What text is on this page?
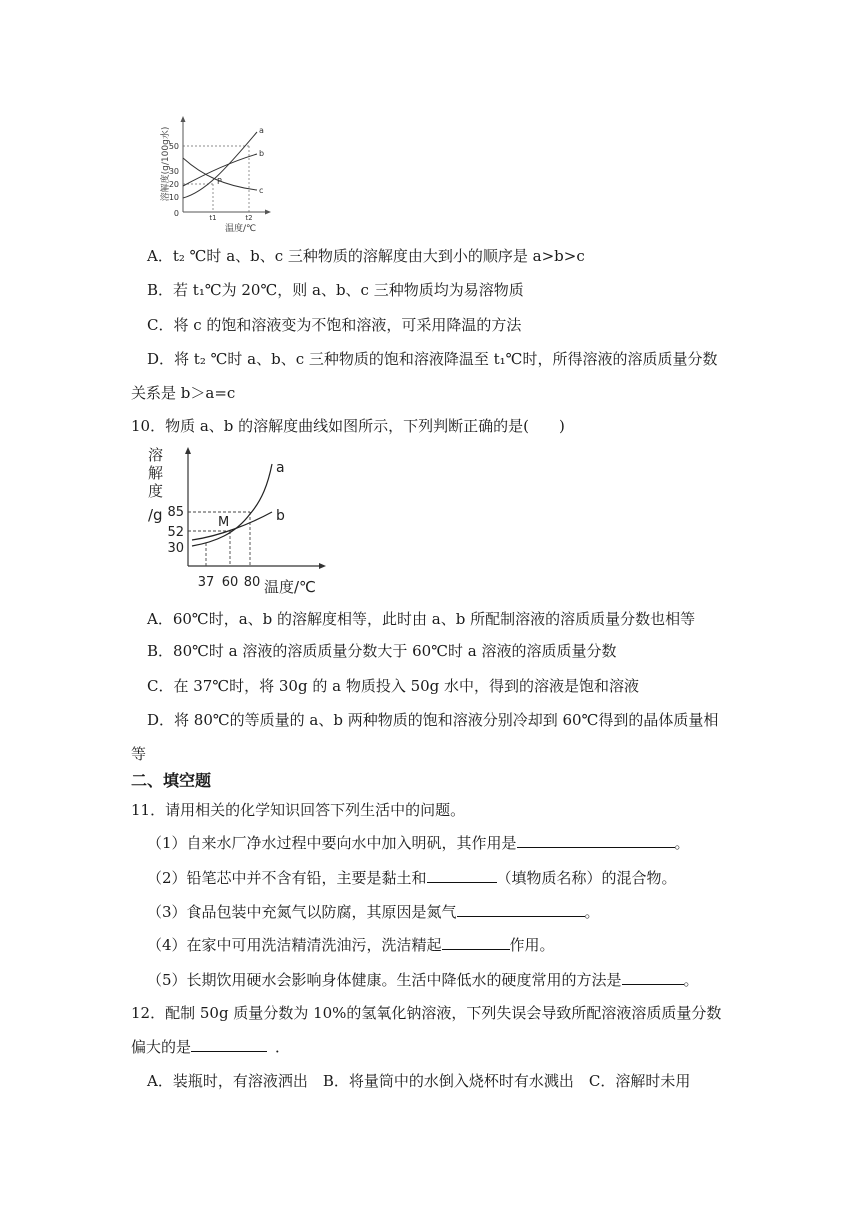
溶解度(g/100g水)
50
30
20
10
0
a
b
c
P
t1	t2
温度/℃
A．t₂ ℃时 a、b、c 三种物质的溶解度由大到小的顺序是 a>b>c
B．若 t₁℃为 20℃，则 a、b、c 三种物质均为易溶物质
C．将 c 的饱和溶液变为不饱和溶液，可采用降温的方法
D．将 t₂ ℃时 a、b、c 三种物质的饱和溶液降温至 t₁℃时，所得溶液的溶质质量分数
关系是 b＞a=c
10．物质 a、b 的溶解度曲线如图所示，下列判断正确的是(　　)
溶
解
度
/g 85
52
30
a
b
M
37 60 80 温度/℃
A．60℃时，a、b 的溶解度相等，此时由 a、b 所配制溶液的溶质质量分数也相等
B．80℃时 a 溶液的溶质质量分数大于 60℃时 a 溶液的溶质质量分数
C．在 37℃时，将 30g 的 a 物质投入 50g 水中，得到的溶液是饱和溶液
D．将 80℃的等质量的 a、b 两种物质的饱和溶液分别冷却到 60℃得到的晶体质量相
等
二、填空题
11．请用相关的化学知识回答下列生活中的问题。
（1）自来水厂净水过程中要向水中加入明矾，其作用是	。
（2）铅笔芯中并不含有铅，主要是黏土和	（填物质名称）的混合物。
（3）食品包装中充氮气以防腐，其原因是氮气	。
（4）在家中可用洗洁精清洗油污，洗洁精起	作用。
（5）长期饮用硬水会影响身体健康。生活中降低水的硬度常用的方法是	。
12．配制 50g 质量分数为 10%的氢氧化钠溶液，下列失误会导致所配溶液溶质质量分数
偏大的是	．
A．装瓶时，有溶液洒出　B．将量筒中的水倒入烧杯时有水溅出　C．溶解时未用
